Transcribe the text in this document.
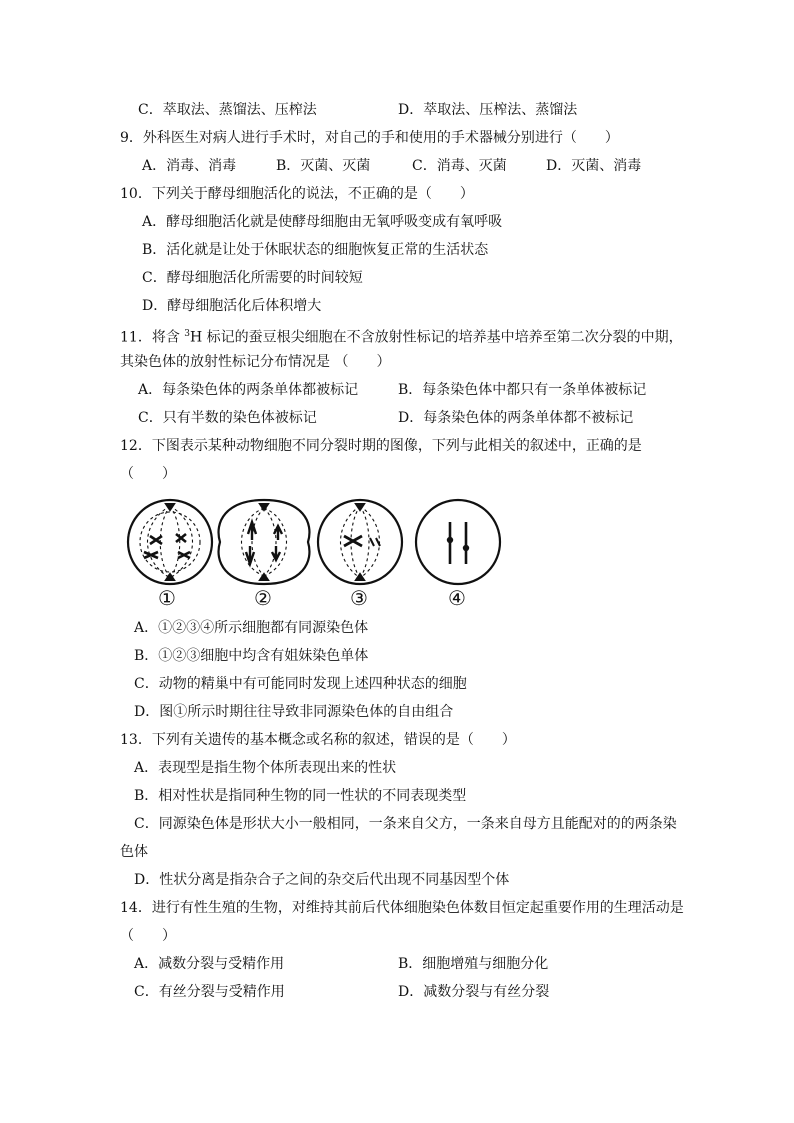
C．萃取法、蒸馏法、压榨法	D．萃取法、压榨法、蒸馏法
9．外科医生对病人进行手术时，对自己的手和使用的手术器械分别进行（　　）
A．消毒、消毒	B．灭菌、灭菌	C．消毒、灭菌	D．灭菌、消毒
10．下列关于酵母细胞活化的说法，不正确的是（　　）
A．酵母细胞活化就是使酵母细胞由无氧呼吸变成有氧呼吸
B．活化就是让处于休眠状态的细胞恢复正常的生活状态
C．酵母细胞活化所需要的时间较短
D．酵母细胞活化后体积增大
11．将含 $^3$H 标记的蚕豆根尖细胞在不含放射性标记的培养基中培养至第二次分裂的中期，
其染色体的放射性标记分布情况是 （　　）
A．每条染色体的两条单体都被标记	B．每条染色体中都只有一条单体被标记
C．只有半数的染色体被标记	D．每条染色体的两条单体都不被标记
12．下图表示某种动物细胞不同分裂时期的图像，下列与此相关的叙述中，正确的是
（　　）
①	②	③	④
A．①②③④所示细胞都有同源染色体
B．①②③细胞中均含有姐妹染色单体
C．动物的精巢中有可能同时发现上述四种状态的细胞
D．图①所示时期往往导致非同源染色体的自由组合
13．下列有关遗传的基本概念或名称的叙述，错误的是（　　）
A．表现型是指生物个体所表现出来的性状
B．相对性状是指同种生物的同一性状的不同表现类型
C．同源染色体是形状大小一般相同，一条来自父方，一条来自母方且能配对的的两条染
色体
D．性状分离是指杂合子之间的杂交后代出现不同基因型个体
14．进行有性生殖的生物，对维持其前后代体细胞染色体数目恒定起重要作用的生理活动是
（　　）
A．减数分裂与受精作用	B．细胞增殖与细胞分化
C．有丝分裂与受精作用	D．减数分裂与有丝分裂
